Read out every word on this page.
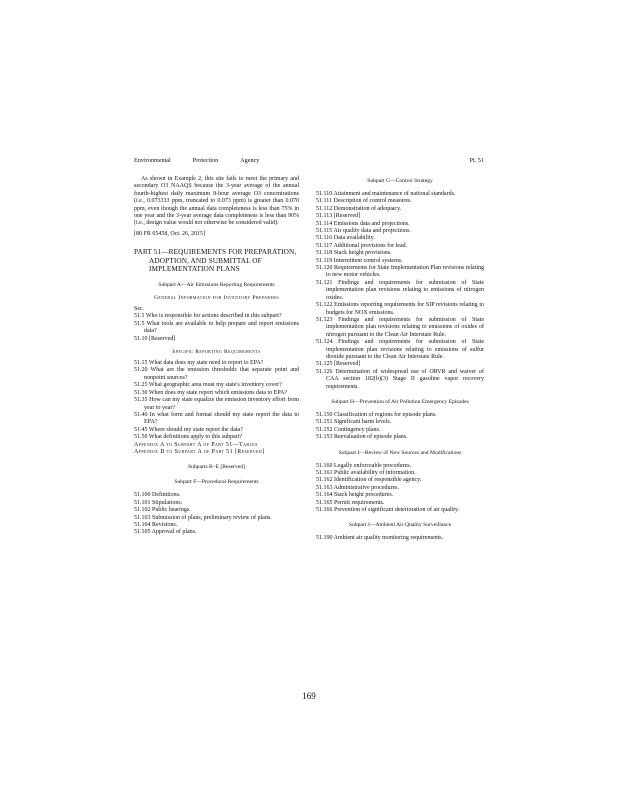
Environmental	Protection	Agency	Pt. 51

As shown in Example 2, this site fails to meet the primary and secondary O3 NAAQS because the 3-year average of the annual fourth-highest daily maximum 8-hour average O3 concentrations (i.e., 0.073333 ppm, truncated to 0.073 ppm) is greater than 0.070 ppm, even though the annual data completeness is less than 75% in one year and the 3-year average data completeness is less than 90% (i.e., design value would not otherwise be considered valid).

[80 FR 65458, Oct. 26, 2015]

PART 51—REQUIREMENTS FOR PREPARATION, ADOPTION, AND SUBMITTAL OF IMPLEMENTATION PLANS
Subpart A—Air Emissions Reporting Requirements
General Information for Inventory Preparers

Sec.

51.1 Who is responsible for actions described in this subpart?
51.5 What tools are available to help prepare and report emissions data?
51.10 [Reserved]
Specific Reporting Requirements
51.15 What data does my state need to report to EPA?
51.20 What are the emission thresholds that separate point and nonpoint sources?
51.25 What geographic area must my state's inventory cover?
51.30 When does my state report which emissions data to EPA?
51.35 How can my state equalize the emission inventory effort from year to year?
51.40 In what form and format should my state report the data to EPA?
51.45 Where should my state report the data?
51.50 What definitions apply to this subpart?

Appendix A to Subpart A of Part 51—Tables

Appendix B to Subpart A of Part 51 [Reserved]

Subparts B–E [Reserved]
Subpart F—Procedural Requirements
51.100 Definitions.
51.101 Stipulations.
51.102 Public hearings.
51.103 Submission of plans, preliminary review of plans.
51.104 Revisions.
51.105 Approval of plans.
Subpart G—Control Strategy
51.110 Attainment and maintenance of national standards.
51.111 Description of control measures.
51.112 Demonstration of adequacy.
51.113 [Reserved]
51.114 Emissions data and projections.
51.115 Air quality data and projections.
51.116 Data availability.
51.117 Additional provisions for lead.
51.118 Stack height provisions.
51.119 Intermittent control systems.
51.120 Requirements for State Implementation Plan revisions relating to new motor vehicles.
51.121 Findings and requirements for submission of State implementation plan revisions relating to emissions of nitrogen oxides.
51.122 Emissions reporting requirements for SIP revisions relating to budgets for NOX emissions.
51.123 Findings and requirements for submission of State implementation plan revisions relating to emissions of oxides of nitrogen pursuant to the Clean Air Interstate Rule.
51.124 Findings and requirements for submission of State implementation plan revisions relating to emissions of sulfur dioxide pursuant to the Clean Air Interstate Rule.
51.125 [Reserved]
51.126 Determination of widespread use of ORVR and waiver of CAA section 182(b)(3) Stage II gasoline vapor recovery requirements.
Subpart H—Prevention of Air Pollution Emergency Episodes
51.150 Classification of regions for episode plans.
51.151 Significant harm levels.
51.152 Contingency plans.
51.153 Reevaluation of episode plans.
Subpart I—Review of New Sources and Modifications
51.160 Legally enforceable procedures.
51.161 Public availability of information.
51.162 Identification of responsible agency.
51.163 Administrative procedures.
51.164 Stack height procedures.
51.165 Permit requirements.
51.166 Prevention of significant deterioration of air quality.
Subpart J—Ambient Air Quality Surveillance
51.190 Ambient air quality monitoring requirements.
169
